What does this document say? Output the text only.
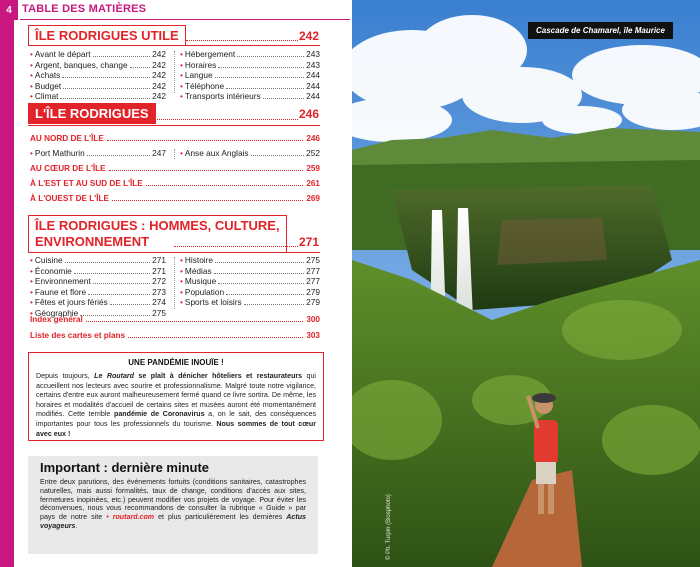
4 TABLE DES MATIÈRES
ÎLE RODRIGUES UTILE	242
• Avant le départ	242
• Argent, banques, change	242
• Achats	242
• Budget	242
• Climat	242
• Hébergement	243
• Horaires	243
• Langue	244
• Téléphone	244
• Transports intérieurs	244
L'ÎLE RODRIGUES	246
AU NORD DE L'ÎLE	246
• Port Mathurin	247 • Anse aux Anglais	252
AU CŒUR DE L'ÎLE	259
À L'EST ET AU SUD DE L'ÎLE	261
À L'OUEST DE L'ÎLE	269
ÎLE RODRIGUES : HOMMES, CULTURE,
ENVIRONNEMENT	271
• Cuisine	271
• Économie	271
• Environnement	272
• Faune et flore	273
• Fêtes et jours fériés	274
• Géographie	275
• Histoire	275
• Médias	277
• Musique	277
• Population	279
• Sports et loisirs	279
Index général	300
Liste des cartes et plans	303
UNE PANDÉMIE INOUÏE !
Depuis toujours, Le Routard se plaît à dénicher hôteliers et restaurateurs qui accueillent nos lecteurs avec sourire et professionnalisme. Malgré toute notre vigilance, certains d'entre eux auront malheureusement fermé quand ce livre sortira. De même, les horaires et modalités d'accueil de certains sites et musées auront été momentanément modifiés. Cette terrible pandémie de Coronavirus a, on le sait, des conséquences importantes pour tous les professionnels du tourisme. Nous sommes de tout cœur avec eux !
Important : dernière minute
Entre deux parutions, des événements fortuits (conditions sanitaires, catastrophes naturelles, mais aussi formalités, taux de change, conditions d'accès aux sites, fermetures inopinées, etc.) peuvent modifier vos projets de voyage. Pour éviter les déconvenues, nous vous recommandons de consulter la rubrique « Guide » par pays de notre site • routard.com et plus particulièrement les dernières Actus voyageurs.
Cascade de Chamarel, île Maurice
© Ph. Turpin (Biosphoto)
